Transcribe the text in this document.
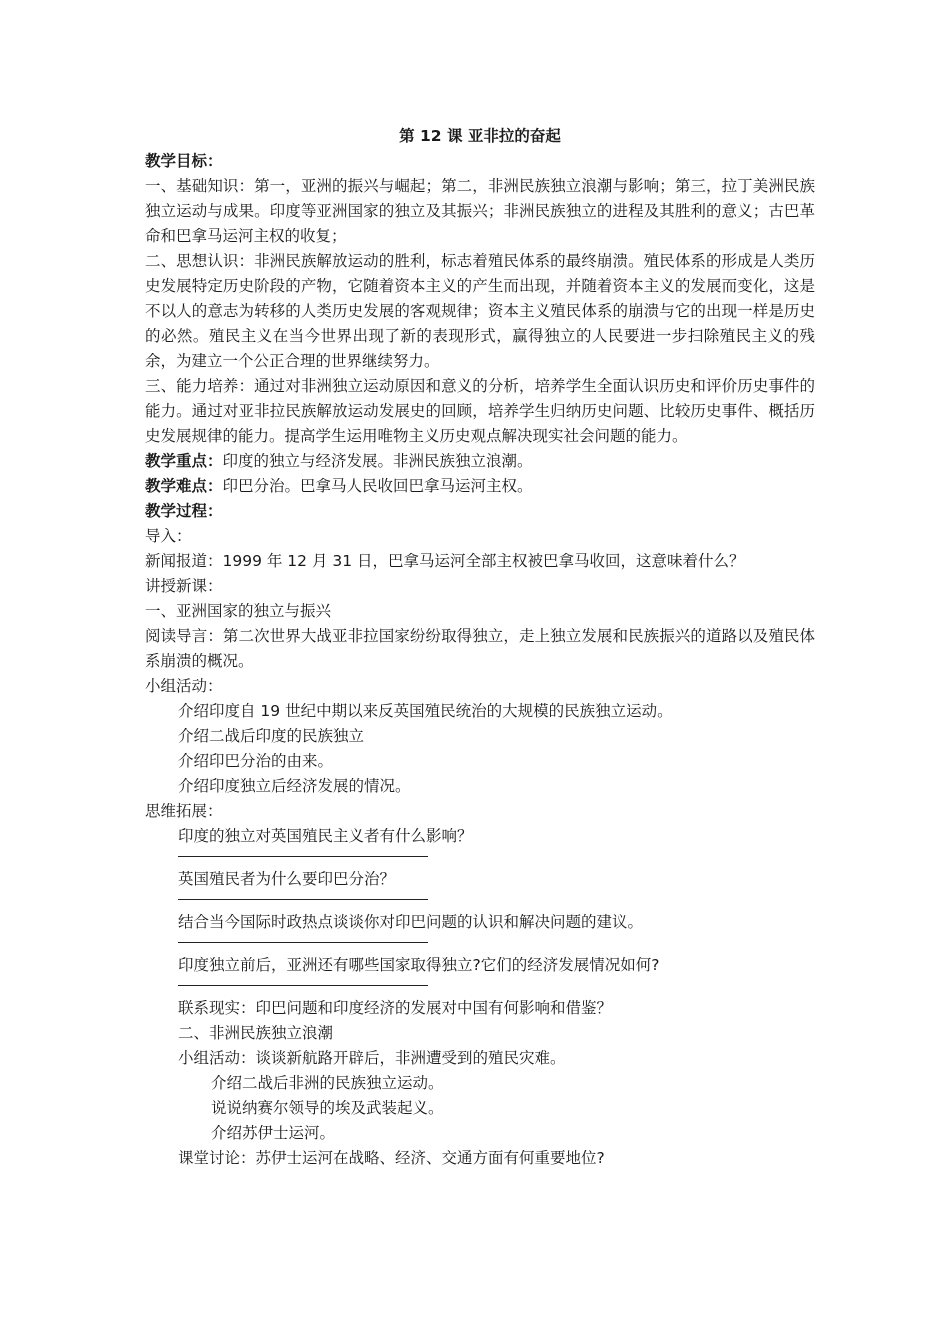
第 12 课 亚非拉的奋起

教学目标：

一、基础知识：第一，亚洲的振兴与崛起；第二，非洲民族独立浪潮与影响；第三，拉丁美洲民族独立运动与成果。印度等亚洲国家的独立及其振兴；非洲民族独立的进程及其胜利的意义；古巴革命和巴拿马运河主权的收复；

二、思想认识：非洲民族解放运动的胜利，标志着殖民体系的最终崩溃。殖民体系的形成是人类历史发展特定历史阶段的产物，它随着资本主义的产生而出现，并随着资本主义的发展而变化，这是不以人的意志为转移的人类历史发展的客观规律；资本主义殖民体系的崩溃与它的出现一样是历史的必然。殖民主义在当今世界出现了新的表现形式，赢得独立的人民要进一步扫除殖民主义的残余，为建立一个公正合理的世界继续努力。

三、能力培养：通过对非洲独立运动原因和意义的分析，培养学生全面认识历史和评价历史事件的能力。通过对亚非拉民族解放运动发展史的回顾，培养学生归纳历史问题、比较历史事件、概括历史发展规律的能力。提高学生运用唯物主义历史观点解决现实社会问题的能力。

教学重点：印度的独立与经济发展。非洲民族独立浪潮。

教学难点：印巴分治。巴拿马人民收回巴拿马运河主权。

教学过程：

导入：

新闻报道：1999 年 12 月 31 日，巴拿马运河全部主权被巴拿马收回，这意味着什么？

讲授新课：

一、亚洲国家的独立与振兴

阅读导言：第二次世界大战亚非拉国家纷纷取得独立，走上独立发展和民族振兴的道路以及殖民体系崩溃的概况。

小组活动：

介绍印度自 19 世纪中期以来反英国殖民统治的大规模的民族独立运动。

介绍二战后印度的民族独立

介绍印巴分治的由来。

介绍印度独立后经济发展的情况。

思维拓展：

印度的独立对英国殖民主义者有什么影响？

英国殖民者为什么要印巴分治？

结合当今国际时政热点谈谈你对印巴问题的认识和解决问题的建议。

印度独立前后，亚洲还有哪些国家取得独立?它们的经济发展情况如何?

联系现实：印巴问题和印度经济的发展对中国有何影响和借鉴？

二、非洲民族独立浪潮

小组活动：谈谈新航路开辟后，非洲遭受到的殖民灾难。

介绍二战后非洲的民族独立运动。

说说纳赛尔领导的埃及武装起义。

介绍苏伊士运河。

课堂讨论：苏伊士运河在战略、经济、交通方面有何重要地位?
